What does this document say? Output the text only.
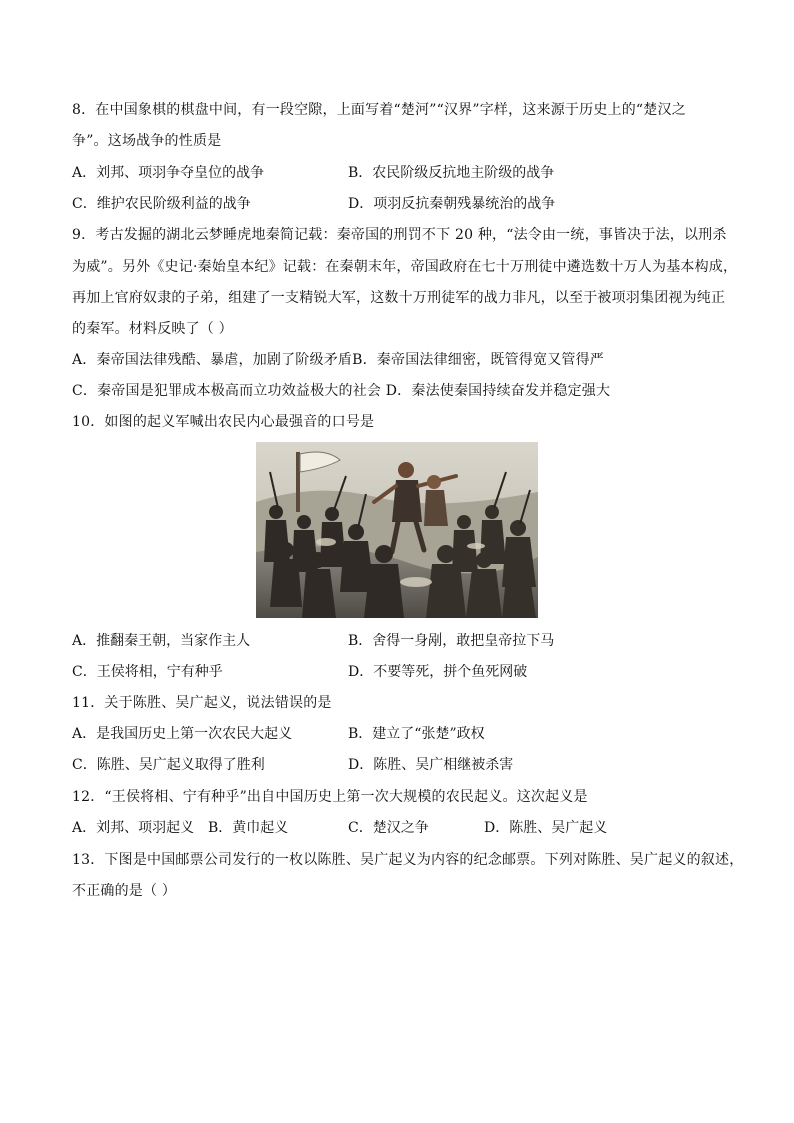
8．在中国象棋的棋盘中间，有一段空隙，上面写着“楚河”“汉界”字样，这来源于历史上的“楚汉之
争”。这场战争的性质是
A．刘邦、项羽争夺皇位的战争	B．农民阶级反抗地主阶级的战争
C．维护农民阶级利益的战争	D．项羽反抗秦朝残暴统治的战争
9．考古发掘的湖北云梦睡虎地秦简记载：秦帝国的刑罚不下 20 种，“法令由一统，事皆决于法，以刑杀
为威”。另外《史记·秦始皇本纪》记载：在秦朝末年，帝国政府在七十万刑徒中遴选数十万人为基本构成，
再加上官府奴隶的子弟，组建了一支精锐大军，这数十万刑徒军的战力非凡，以至于被项羽集团视为纯正
的秦军。材料反映了（ ）
A．秦帝国法律残酷、暴虐，加剧了阶级矛盾B．秦帝国法律细密，既管得宽又管得严
C．秦帝国是犯罪成本极高而立功效益极大的社会 D．秦法使秦国持续奋发并稳定强大
10．如图的起义军喊出农民内心最强音的口号是
A．推翻秦王朝，当家作主人	B．舍得一身剐，敢把皇帝拉下马
C．王侯将相，宁有种乎	D．不要等死，拼个鱼死网破
11．关于陈胜、吴广起义，说法错误的是
A．是我国历史上第一次农民大起义	B．建立了“张楚”政权
C．陈胜、吴广起义取得了胜利	D．陈胜、吴广相继被杀害
12．“王侯将相、宁有种乎”出自中国历史上第一次大规模的农民起义。这次起义是
A．刘邦、项羽起义 B．黄巾起义	C．楚汉之争	D．陈胜、吴广起义
13．下图是中国邮票公司发行的一枚以陈胜、吴广起义为内容的纪念邮票。下列对陈胜、吴广起义的叙述，
不正确的是（ ）
